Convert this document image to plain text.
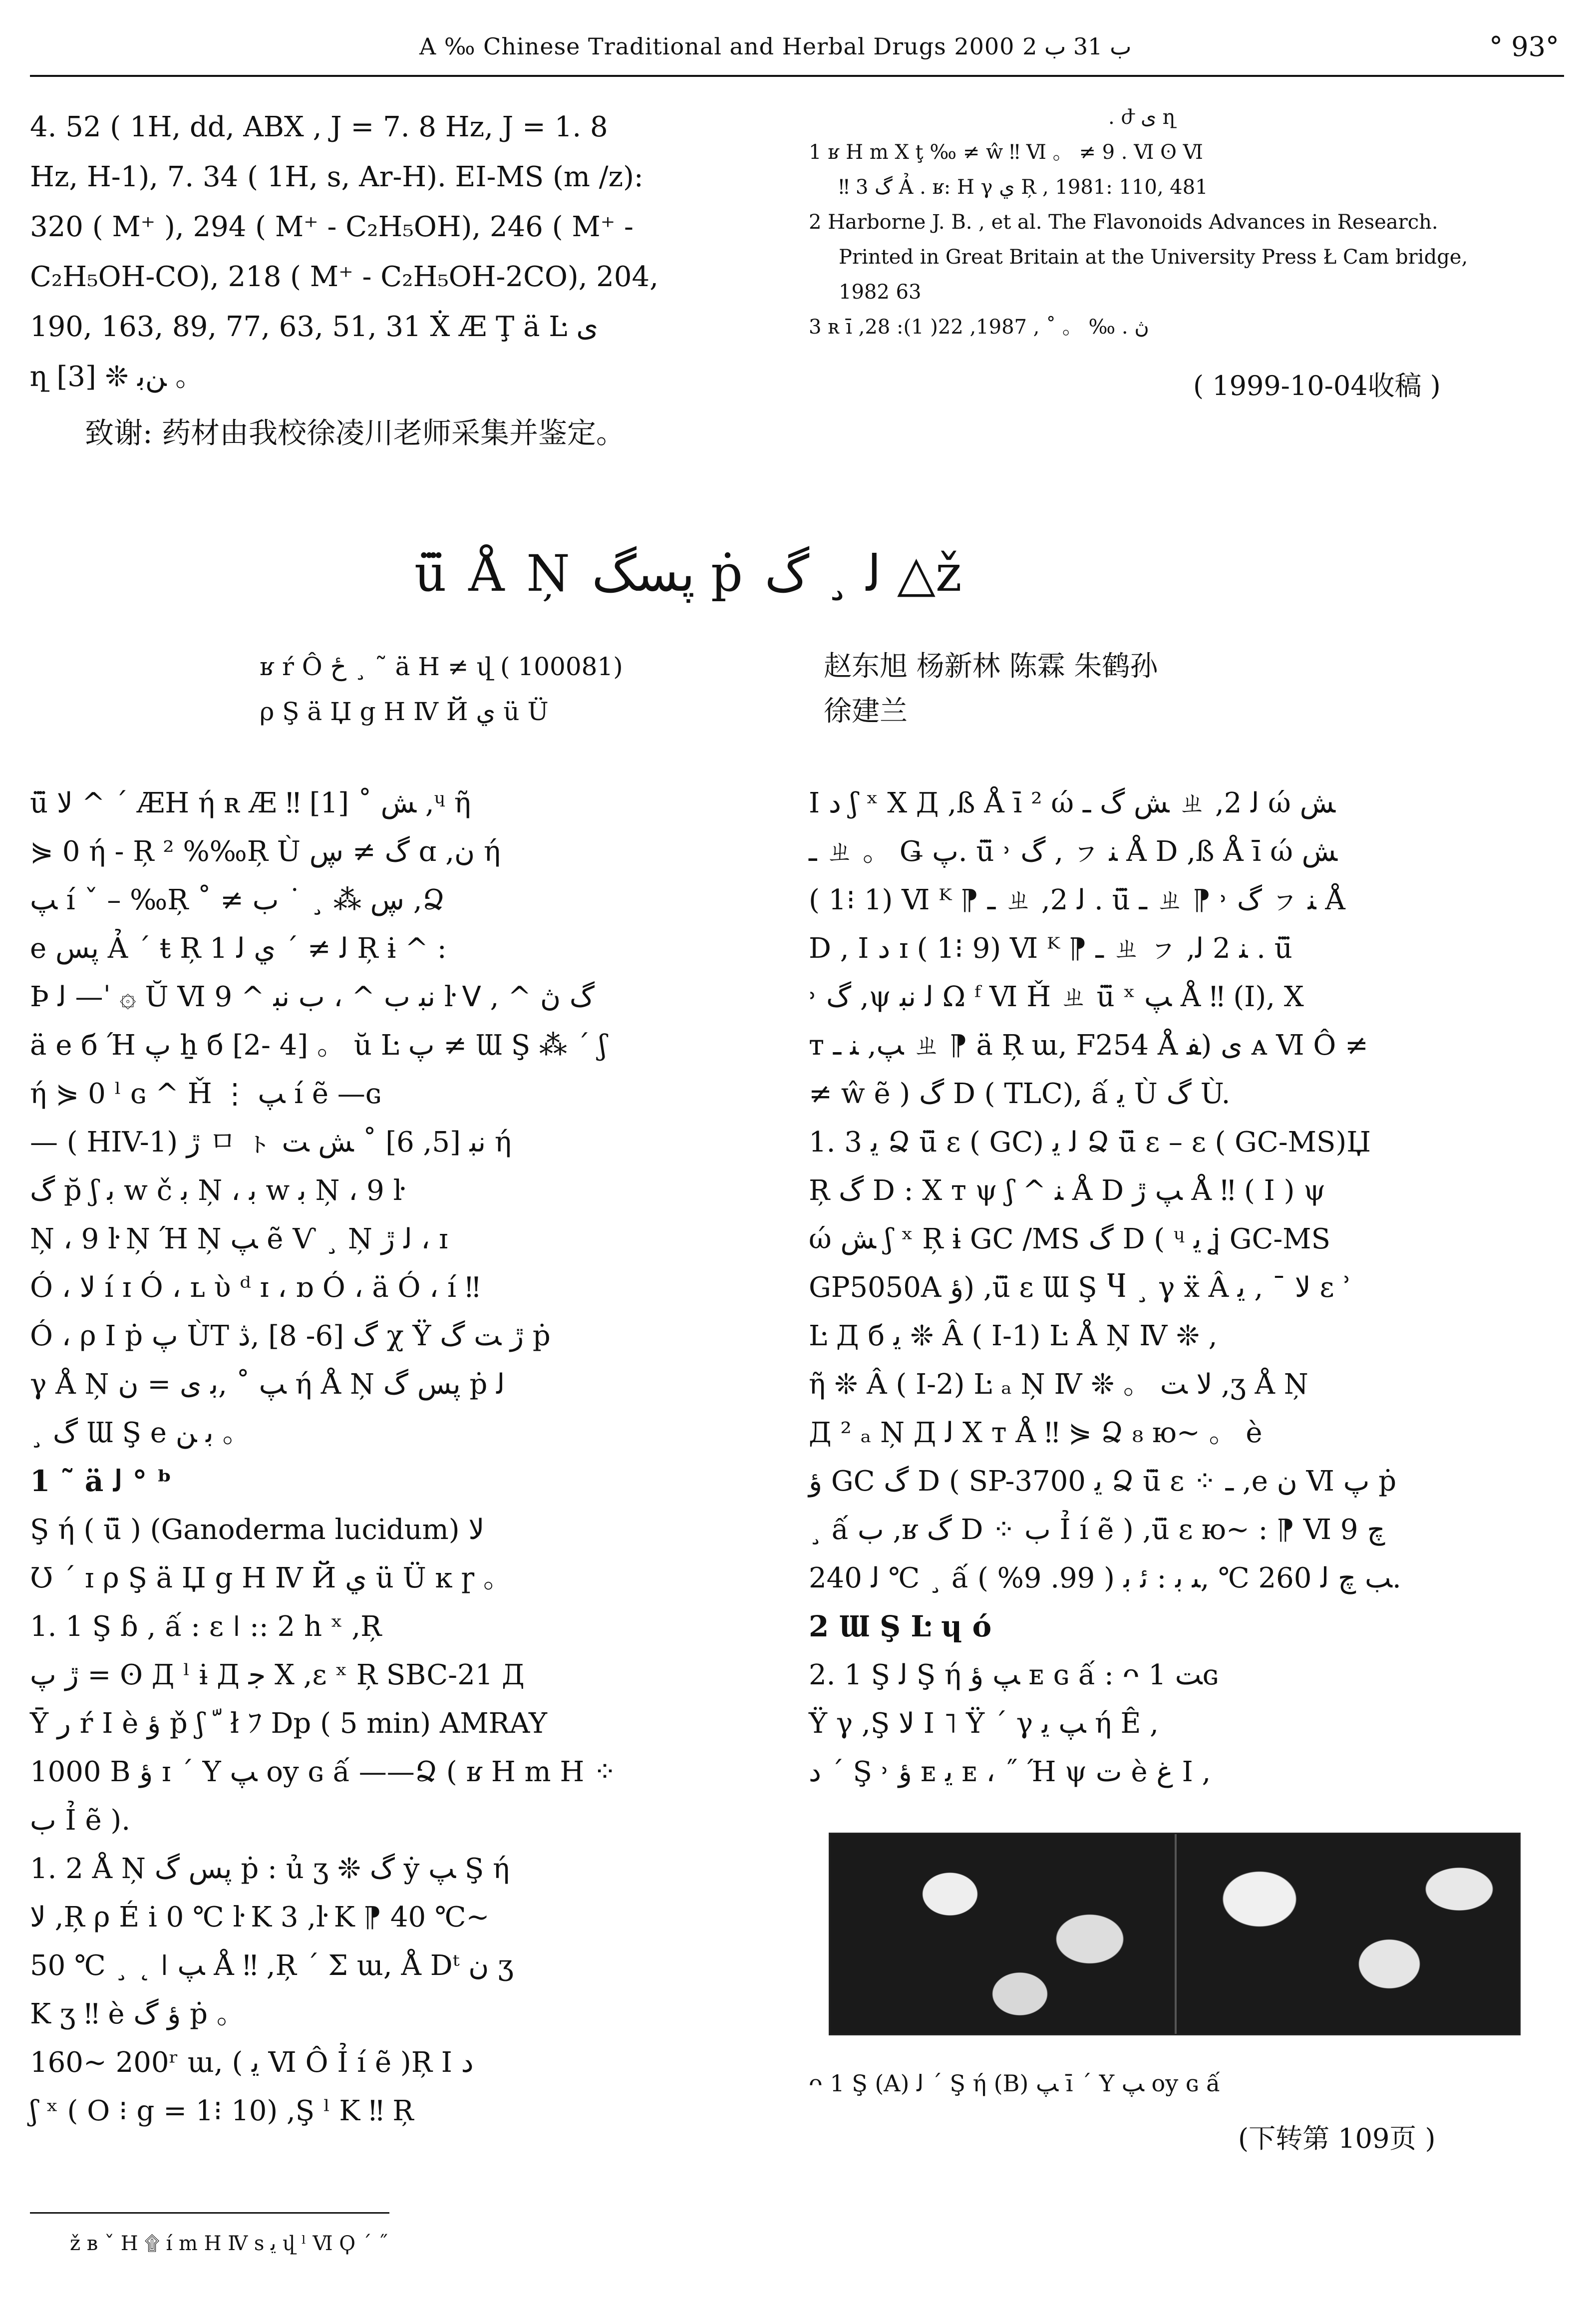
A ‰ Chinese Traditional and Herbal Drugs 2000 ب 31 ب 2	° 93°

4. 52 ( 1H, dd, ABX , J = 7. 8 Hz, J = 1. 8

Hz, H-1), 7. 34 ( 1H, s, Ar-H). EI-MS (m /z):

320 ( M⁺ ), 294 ( M⁺ - C₂H₅OH), 246 ( M⁺ -

C₂H₅OH-CO), 218 ( M⁺ - C₂H₅OH-2CO), 204,

190, 163, 89, 77, 63, 51, 31 Ẋ Æ Ţ ä Ŀ ى

ղ [3] ❊ ﻦﺑ 。

致谢: 药材由我校徐凌川老师采集并鉴定。

. ժ ى ղ

1 ʁ H m Χ ţ ‰ ≠ ŵ ‼ Ⅵ 。 ≠ 9 . Ⅵ ʘ Ⅵ

‼ گ 3 Ả . ʁ: H γ ي Ŗ , 1981: 110, 481

2 Harborne J. B. , et al. The Flavonoids Advances in Research.

Printed in Great Britain at the University Press Ł Cam bridge,

1982 63

3 ʀ ī ,ڽ . ‰ 。 ˚ , 1987, 22( 1): 28

( 1999-10-04收稿 )
ü̈ Å Ņ پسگ ṗ ﻟ ¸ گ △ž

ʁ ŕ Ô ځ ¸ ˜ ä H ≠ վ ( 100081)

ρ Ş ä Џ g H Ⅳ Й ي ü Ü

赵东旭 杨新林 陈霖 朱鹤孙

徐建兰

ü̈ ﻻ ^ ´ ÆH ή ʀ Æ ‼ [1] ˚ ﺶ ,ᶣ ῆ

⋟ 0 ή - Ŗ ² %‰Ŗ Ù گ ≠ ڛ ɑ ,ن ή

ﭗ í ˇ – ‰Ŗ ˚ ≠ ڛ ⁂ ¸ ˙ ب ,Ձ

e پس Ả ´ ŧ Ŗ ﻟ ≠ ´ ي ﻟ 1 Ŗ ɨ ^ :

Þ ﻟ —ˈ ۞ Ŭ Ⅵ ﻧﺒ ب ^ ، ب ﻧﺒ ^ 9 ŀ ⴸ , ^ گ ڽ

ä e б Ή پ ẖ б [2- 4] 。 ŭ Ŀ پ ≠ Ɯ Ş ⁂ ´ ʃ

ή ⋟ 0 ˡ ɢ ^ Ȟ ⋮ ﭗ í ẽ —ɢ

— ( HIV-1) ڙ ㅁ ㇳ ﻧﺒ [5, 6] ˚ ﺶ ﺖ ή

گ p̆ ʃ ﺑ w č ﺑ Ņ ، ﺑ w ﺑ Ņ ، 9 ŀ

Ņ ، 9 ŀ Ņ Ή Ņ ﭗ ẽ Ѵ ¸ Ņ ﻟ ڙ ، ɪ

Ó ، ﻻ í ɪ Ó ، ʟ ὺ ᵈ ɪ ، ɒ Ó ، ä Ó ، í ‼

Ó ، ρ Ⅰ ṗ پ ÙT گ [6- 8] ,ڎ χ Ÿ ڙ ﺖ گ ṗ

γ Å Ņ ﭗ ˚ ,ﺑ ى = ن ή Å Ņ پس گ ṗ ﻟ

¸ گ Ɯ Ş e ﺑ ﻦ 。

1 ˜ ä ﻟ ° ᵇ

Ş ή ( ü̈ ) (Ganoderma lucidum) ﻻ

Ʊ ´ ɪ ρ Ş ä Џ g H Ⅳ Й ي ü Ü ĸ ɼ 。

1. 1 Ş ɓ , ấ : ɛ ǀ :: 2 h ˣ ,Ŗ

ڙ پ = ʘ Д ˡ ɨ Д ﺟ Χ ,ɛ ˣ Ŗ SBC-21 Д

Ῡ ﺭ ŕ Ⅰ è ﺅ p̌ ʃ ﹼ ł ﾌ Dp ( 5 min) AMRAY

1000 B ﺅ ɪ ´ Y ﭗ oy ɢ ấ ——Ձ ( ʁ H m H ⁘

ب Ỉ ẽ ).

1. 2 Å Ņ پس گ ṗ : ủ ʒ ❊ گ ẏ ﭗ Ş ή

ﻻ ,Ŗ ρ É i 0 ℃ ŀ K 3 ,ŀ K ⁋ 40 ℃~

50 ℃ ¸ ˛ ǀ ﭗ Å ‼ ,Ŗ ´ Σ ɯ, Å Dᵗ ن ʒ

K ʒ ‼ è ﺅ گ ṗ 。

160~ 200ʳ ɯ, ( ﻳ Ⅵ Ô Ỉ í ẽ )Ŗ Ⅰ ﺩ

ʃ ˣ ( O ⁝ g = 1⁝ 10) ,Ş ˡ K ‼ Ŗ

Ⅰ ﺩ ʃ ˣ Χ Д ,ß Å ī ² ώ ﺶ گ ـ ㄓ ,2 ﻟ ώ ﺶ

ـ ㄓ 。 Ǥ پ. ü̈ ˒ گ , ㇷ ﻨ Å D ,ß Å ī ώ ﺶ

( 1⁝ 1) Ⅵ ᴷ ⁋ ـ ㄓ ,2 ﻟ . ü̈ ـ ㄓ ⁋ ˒ گ ㇷ ﻨ Å

D , Ⅰ ﺩ ɪ ( 1⁝ 9) Ⅵ ᴷ ⁋ ـ ㄓ ㇷ ,ﻨ 2 ﻟ . ü̈

˒ گ ,ψ ﻟ ﻧﺒ Ω ᶠ Ⅵ Ȟ ㄓ ü̈ ˣ ﭗ Å ‼ (I), Χ

ᴛ ﭗ, ﻨ ـ ㄓ ⁋ ä Ŗ ɯ, F254 Å ى (ﻔ ᴀ Ⅵ Ô ≠

≠ ŵ ẽ ) گ D ( TLC), ấ ﻳ Ù گ Ù.

1. 3 ﻳ Ձ ü̈ ɛ ( GC) ﻟ ﻳ Ձ ü̈ ɛ – ɛ ( GC-MS)Џ

Ŗ گ D : Χ ᴛ ψ ʃ ^ ﻨ Å D ﭗ ڙ Å ‼ ( I ) ψ

ώ ﺶ ʃ ˣ Ŗ ɨ GC /MS گ D ( ᶣ ﻳ ʝ GC-MS

GP5050A ﺅ) ,ü̈ ɛ Ɯ Ş Ⴗ ¸ γ ẍ Â ﻻ ˉ , ﻳ ɛ ʾ

Ŀ Д б ﻳ ❊ Â ( I-1) Ŀ Å Ņ Ⅳ ❊ ,

ῆ ❊ Â ( I-2) Ŀ ₐ Ņ Ⅳ ❊ 。 ﻻ ﺖ ,ʒ Å Ņ

Д ² ₐ Ņ Д ﻟ Χ ᴛ Å ‼ ⋟ Ձ ₈ ю~ 。 è

ﺅ GC گ D ( SP-3700 ﻳ Ձ ü̈ ɛ ⁘ ـ ,e ﻥ Ⅵ پ ṗ

¸ ấ ب ,ʁ گ D ⁘ ب Ỉ í ẽ ) ,ü̈ ɛ ю~ : ⁋ Ⅵ 9 ﭺ

ﻟ 240 ℃ ¸ ấ ﺐ ﭺ ﻟ 260 ℃ ,ﯩ ﺑ : ﺋ ﺑ ( 99. 9% ).

2 Ɯ Ş Ŀ ɥ ó

2. 1 Ş ﻟ Ş ή ﭗ ﺅ ᴇ ɢ ấ : ᴖ ﺖ 1ɢ

Ÿ γ ,Ş ﻻ Ⅰ ˥ Ÿ ´ γ ﭗ ﻳ ή Ê ,

ﺩ ´ Ş ˒ ﺅ ᴇ ﻳ ᴇ ، ˝ Ή ψ ﺕ è ﻍ Ⅰ ,

ᴖ 1 Ş (A) ﻟ ´ Ş ή (B) ﭗ ī ´ Y ﭗ oy ɢ ấ
(下转第 109页 )
ž ʙ ˇ H ۩ í m H Ⅳ s ﻳ վ ˡ Ⅵ Ϙ ´ ˝
